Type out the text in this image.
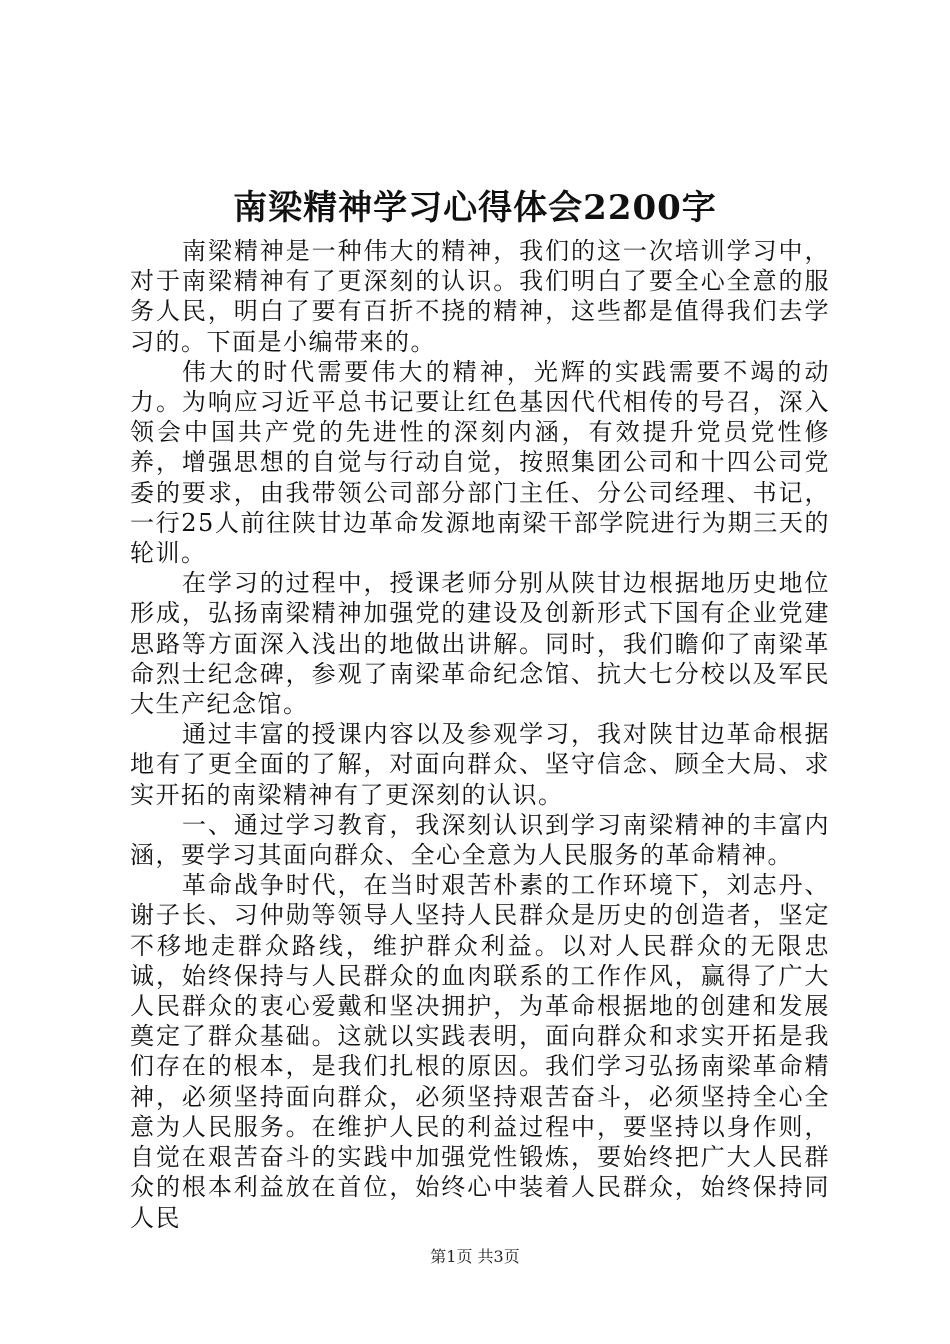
南梁精神学习心得体会2200字

南梁精神是一种伟大的精神，我们的这一次培训学习中，对于南梁精神有了更深刻的认识。我们明白了要全心全意的服务人民，明白了要有百折不挠的精神，这些都是值得我们去学习的。下面是小编带来的。

伟大的时代需要伟大的精神，光辉的实践需要不竭的动力。为响应习近平总书记要让红色基因代代相传的号召，深入领会中国共产党的先进性的深刻内涵，有效提升党员党性修养，增强思想的自觉与行动自觉，按照集团公司和十四公司党委的要求，由我带领公司部分部门主任、分公司经理、书记，一行25人前往陕甘边革命发源地南梁干部学院进行为期三天的轮训。

在学习的过程中，授课老师分别从陕甘边根据地历史地位形成，弘扬南梁精神加强党的建设及创新形式下国有企业党建思路等方面深入浅出的地做出讲解。同时，我们瞻仰了南梁革命烈士纪念碑，参观了南梁革命纪念馆、抗大七分校以及军民大生产纪念馆。

通过丰富的授课内容以及参观学习，我对陕甘边革命根据地有了更全面的了解，对面向群众、坚守信念、顾全大局、求实开拓的南梁精神有了更深刻的认识。

一、通过学习教育，我深刻认识到学习南梁精神的丰富内涵，要学习其面向群众、全心全意为人民服务的革命精神。

革命战争时代，在当时艰苦朴素的工作环境下，刘志丹、谢子长、习仲勋等领导人坚持人民群众是历史的创造者，坚定不移地走群众路线，维护群众利益。以对人民群众的无限忠诚，始终保持与人民群众的血肉联系的工作作风，赢得了广大人民群众的衷心爱戴和坚决拥护，为革命根据地的创建和发展奠定了群众基础。这就以实践表明，面向群众和求实开拓是我们存在的根本，是我们扎根的原因。我们学习弘扬南梁革命精神，必须坚持面向群众，必须坚持艰苦奋斗，必须坚持全心全意为人民服务。在维护人民的利益过程中，要坚持以身作则，自觉在艰苦奋斗的实践中加强党性锻炼，要始终把广大人民群众的根本利益放在首位，始终心中装着人民群众，始终保持同人民

第1页 共3页
